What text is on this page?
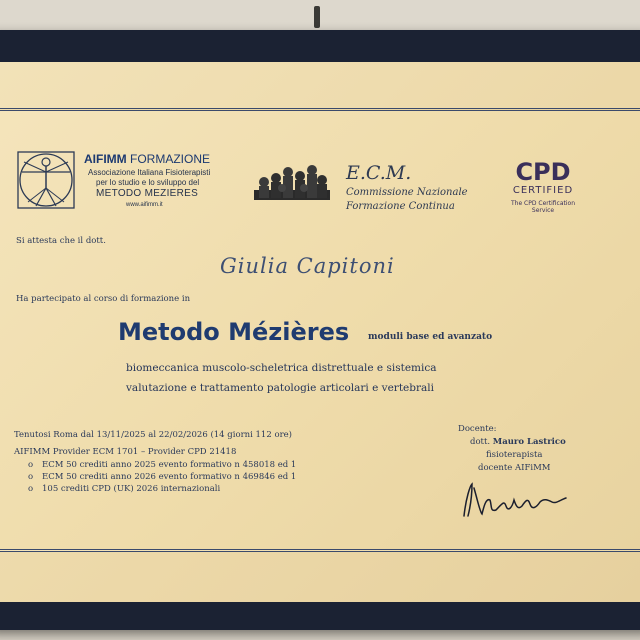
AIFIMM FORMAZIONE
Associazione Italiana Fisioterapisti
per lo studio e lo sviluppo del
METODO MEZIERES
www.aifimm.it
E.C.M.
Commissione Nazionale
Formazione Continua
CPD
CERTIFIED
The CPD Certification
Service
Si attesta che il dott.
Giulia Capitoni
Ha partecipato al corso di formazione in
Metodo Mézières moduli base ed avanzato
biomeccanica muscolo-scheletrica distrettuale e sistemica
valutazione e trattamento patologie articolari e vertebrali
Tenutosi Roma dal 13/11/2025 al 22/02/2026 (14 giorni 112 ore)
AIFIMM Provider ECM 1701 – Provider CPD 21418
o ECM 50 crediti anno 2025 evento formativo n 458018 ed 1
o ECM 50 crediti anno 2026 evento formativo n 469846 ed 1
o 105 crediti CPD (UK) 2026 internazionali
Docente:
dott. Mauro Lastrico
fisioterapista
docente AIFiMM
